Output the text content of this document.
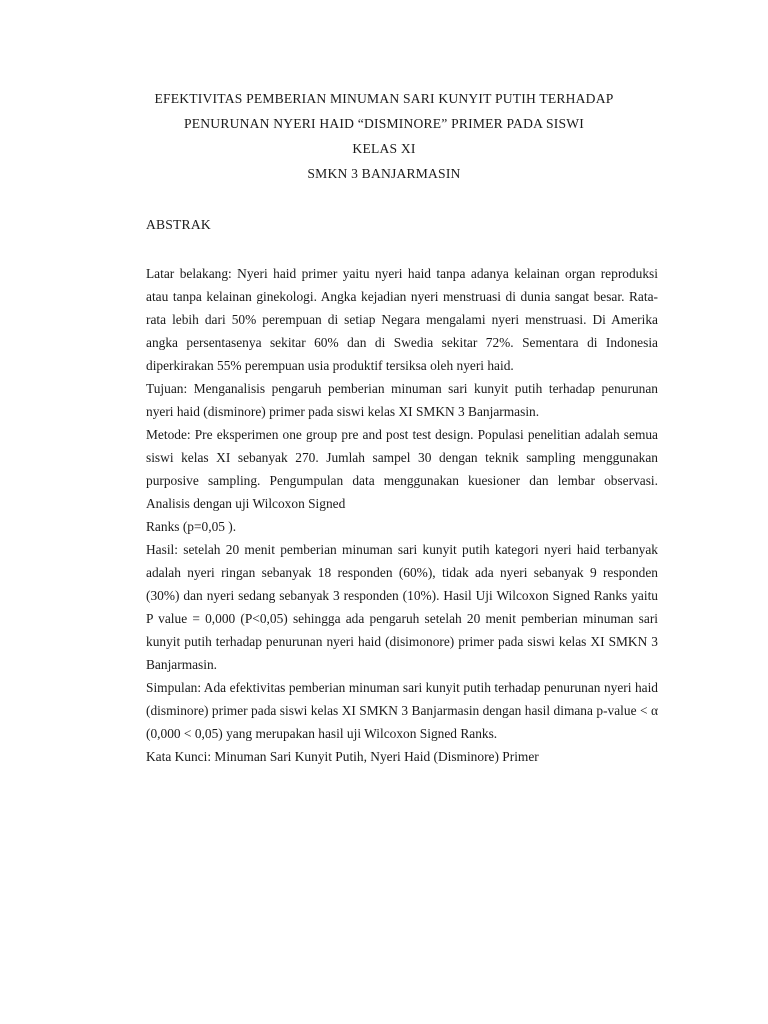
EFEKTIVITAS PEMBERIAN MINUMAN SARI KUNYIT PUTIH TERHADAP
PENURUNAN NYERI HAID “DISMINORE” PRIMER PADA SISWI
KELAS XI
SMKN 3 BANJARMASIN
ABSTRAK

Latar belakang: Nyeri haid primer yaitu nyeri haid tanpa adanya kelainan organ reproduksi atau tanpa kelainan ginekologi. Angka kejadian nyeri menstruasi di dunia sangat besar. Rata-rata lebih dari 50% perempuan di setiap Negara mengalami nyeri menstruasi. Di Amerika angka persentasenya sekitar 60% dan di Swedia sekitar 72%. Sementara di Indonesia diperkirakan 55% perempuan usia produktif tersiksa oleh nyeri haid.

Tujuan: Menganalisis pengaruh pemberian minuman sari kunyit putih terhadap penurunan nyeri haid (disminore) primer pada siswi kelas XI SMKN 3 Banjarmasin.

Metode: Pre eksperimen one group pre and post test design. Populasi penelitian adalah semua siswi kelas XI sebanyak 270. Jumlah sampel 30 dengan teknik sampling menggunakan purposive sampling. Pengumpulan data menggunakan kuesioner dan lembar observasi. Analisis dengan uji Wilcoxon Signed

Ranks (p=0,05 ).

Hasil: setelah 20 menit pemberian minuman sari kunyit putih kategori nyeri haid terbanyak adalah nyeri ringan sebanyak 18 responden (60%), tidak ada nyeri sebanyak 9 responden (30%) dan nyeri sedang sebanyak 3 responden (10%). Hasil Uji Wilcoxon Signed Ranks yaitu P value = 0,000 (P<0,05) sehingga ada pengaruh setelah 20 menit pemberian minuman sari kunyit putih terhadap penurunan nyeri haid (disimonore) primer pada siswi kelas XI SMKN 3 Banjarmasin.

Simpulan: Ada efektivitas pemberian minuman sari kunyit putih terhadap penurunan nyeri haid (disminore) primer pada siswi kelas XI SMKN 3 Banjarmasin dengan hasil dimana p-value < α (0,000 < 0,05) yang merupakan hasil uji Wilcoxon Signed Ranks.

Kata Kunci: Minuman Sari Kunyit Putih, Nyeri Haid (Disminore) Primer
